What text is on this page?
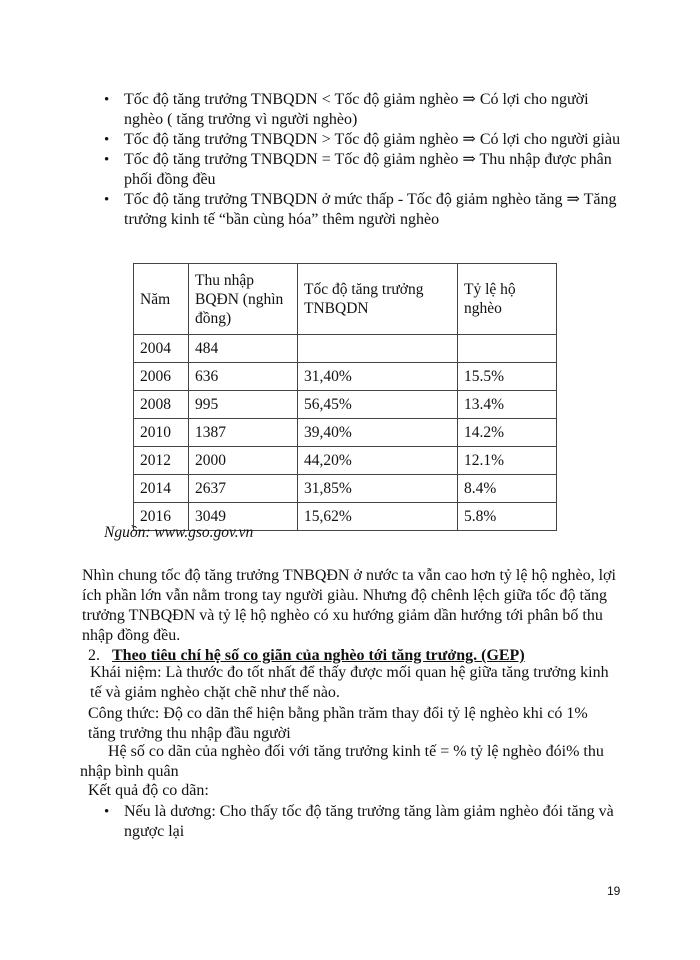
• Tốc độ tăng trưởng TNBQDN < Tốc độ giảm nghèo ⇒ Có lợi cho người nghèo ( tăng trưởng vì người nghèo)
• Tốc độ tăng trưởng TNBQDN > Tốc độ giảm nghèo ⇒ Có lợi cho người giàu
• Tốc độ tăng trưởng TNBQDN = Tốc độ giảm nghèo ⇒ Thu nhập được phân phối đồng đều
• Tốc độ tăng trưởng TNBQDN ở mức thấp - Tốc độ giảm nghèo tăng ⇒ Tăng trưởng kinh tế “bần cùng hóa” thêm người nghèo
Năm	Thu nhập BQĐN (nghìn đồng)	Tốc độ tăng trưởng TNBQDN	Tỷ lệ hộ nghèo
2004	484		
2006	636	31,40%	15.5%
2008	995	56,45%	13.4%
2010	1387	39,40%	14.2%
2012	2000	44,20%	12.1%
2014	2637	31,85%	8.4%
2016	3049	15,62%	5.8%
Nguồn: www.gso.gov.vn

Nhìn chung tốc độ tăng trưởng TNBQĐN ở nước ta vẫn cao hơn tỷ lệ hộ nghèo, lợi ích phần lớn vẫn nằm trong tay người giàu. Nhưng độ chênh lệch giữa tốc độ tăng trưởng TNBQĐN và tỷ lệ hộ nghèo có xu hướng giảm dần hướng tới phân bố thu nhập đồng đều.

2. Theo tiêu chí hệ số co giãn của nghèo tới tăng trưởng. (GEP)

Khái niệm: Là thước đo tốt nhất để thấy được mối quan hệ giữa tăng trưởng kinh tế và giảm nghèo chặt chẽ như thế nào.

Công thức: Độ co dãn thể hiện bằng phần trăm thay đổi tỷ lệ nghèo khi có 1% tăng trưởng thu nhập đầu người

Hệ số co dãn của nghèo đối với tăng trưởng kinh tế = % tỷ lệ nghèo đói% thu nhập bình quân

Kết quả độ co dãn:

• Nếu là dương: Cho thấy tốc độ tăng trưởng tăng làm giảm nghèo đói tăng và ngược lại
19
